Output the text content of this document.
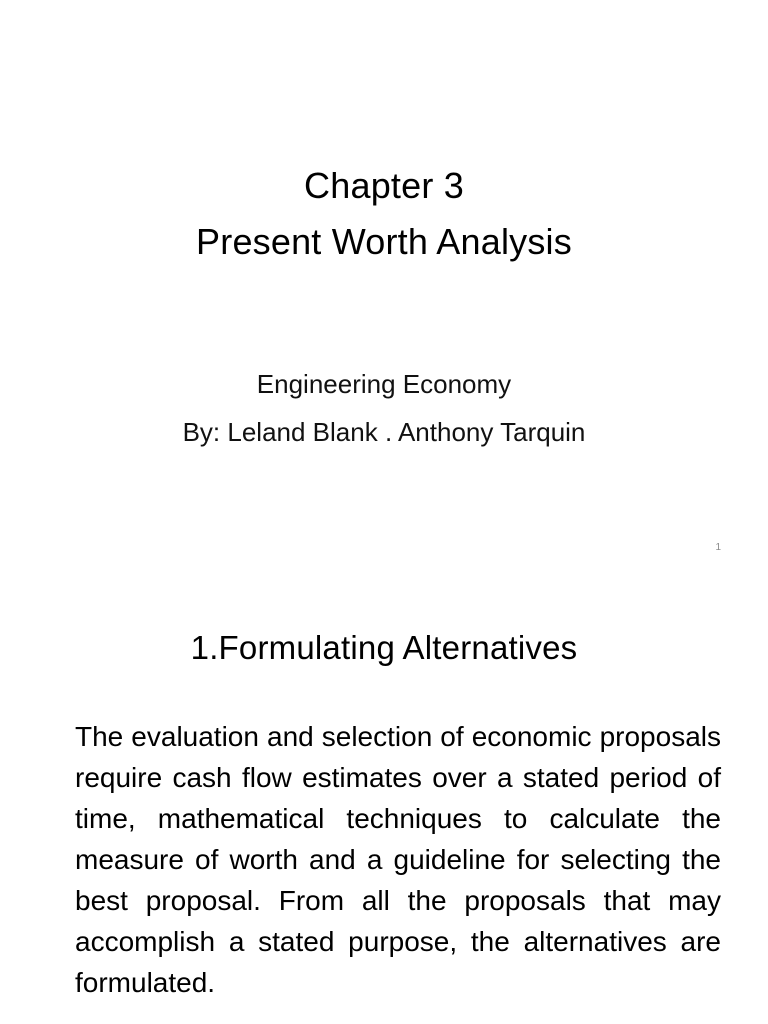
Chapter 3
Present Worth Analysis
Engineering Economy
By: Leland Blank . Anthony Tarquin
1
1.Formulating Alternatives
The evaluation and selection of economic proposals require cash flow estimates over a stated period of time, mathematical techniques to calculate the measure of worth and a guideline for selecting the best proposal. From all the proposals that may accomplish a stated purpose, the alternatives are formulated.
